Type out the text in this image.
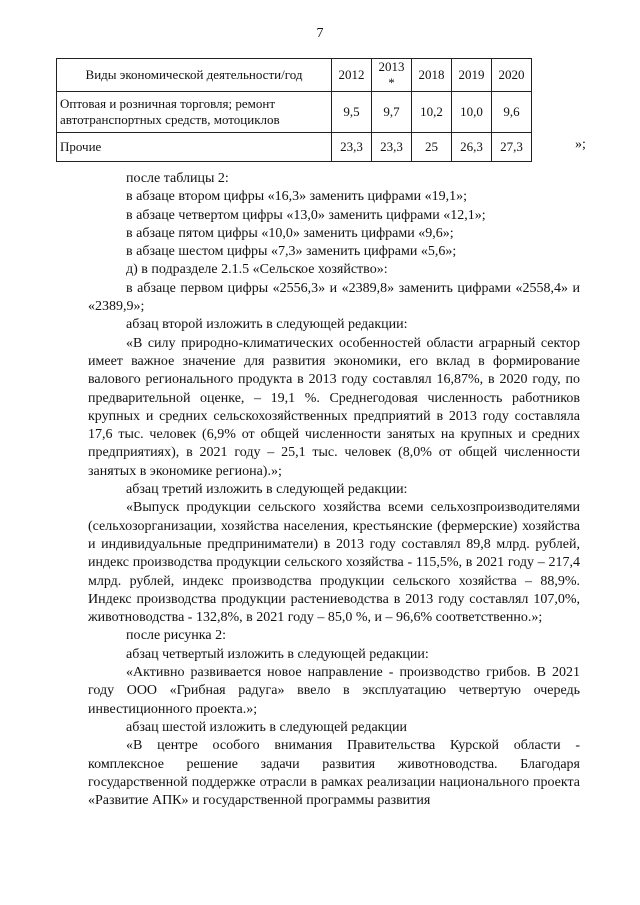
7
Виды экономической деятельности/год	2012	2013 *	2018	2019	2020
Оптовая и розничная торговля; ремонт автотранспортных средств, мотоциклов	9,5	9,7	10,2	10,0	9,6
Прочие	23,3	23,3	25	26,3	27,3	»;

после таблицы 2:

в абзаце втором цифры «16,3» заменить цифрами «19,1»;

в абзаце четвертом цифры «13,0» заменить цифрами «12,1»;

в абзаце пятом цифры «10,0» заменить цифрами «9,6»;

в абзаце шестом цифры «7,3» заменить цифрами «5,6»;

д) в подразделе 2.1.5 «Сельское хозяйство»:

в абзаце первом цифры «2556,3» и «2389,8» заменить цифрами «2558,4» и «2389,9»;

абзац второй изложить в следующей редакции:

«В силу природно-климатических особенностей области аграрный сектор имеет важное значение для развития экономики, его вклад в формирование валового регионального продукта в 2013 году составлял 16,87%, в 2020 году, по предварительной оценке, – 19,1 %. Среднегодовая численность работников крупных и средних сельскохозяйственных предприятий в 2013 году составляла 17,6 тыс. человек (6,9% от общей численности занятых на крупных и средних предприятиях), в 2021 году – 25,1 тыс. человек (8,0% от общей численности занятых в экономике региона).»;

абзац третий изложить в следующей редакции:

«Выпуск продукции сельского хозяйства всеми сельхозпроизводителями (сельхозорганизации, хозяйства населения, крестьянские (фермерские) хозяйства и индивидуальные предприниматели) в 2013 году составлял 89,8 млрд. рублей, индекс производства продукции сельского хозяйства - 115,5%, в 2021 году – 217,4 млрд. рублей, индекс производства продукции сельского хозяйства – 88,9%. Индекс производства продукции растениеводства в 2013 году составлял 107,0%, животноводства - 132,8%, в 2021 году – 85,0 %, и – 96,6% соответственно.»;

после рисунка 2:

абзац четвертый изложить в следующей редакции:

«Активно развивается новое направление - производство грибов. В 2021 году ООО «Грибная радуга» ввело в эксплуатацию четвертую очередь инвестиционного проекта.»;

абзац шестой изложить в следующей редакции

«В центре особого внимания Правительства Курской области - комплексное решение задачи развития животноводства. Благодаря государственной поддержке отрасли в рамках реализации национального проекта «Развитие АПК» и государственной программы развития
